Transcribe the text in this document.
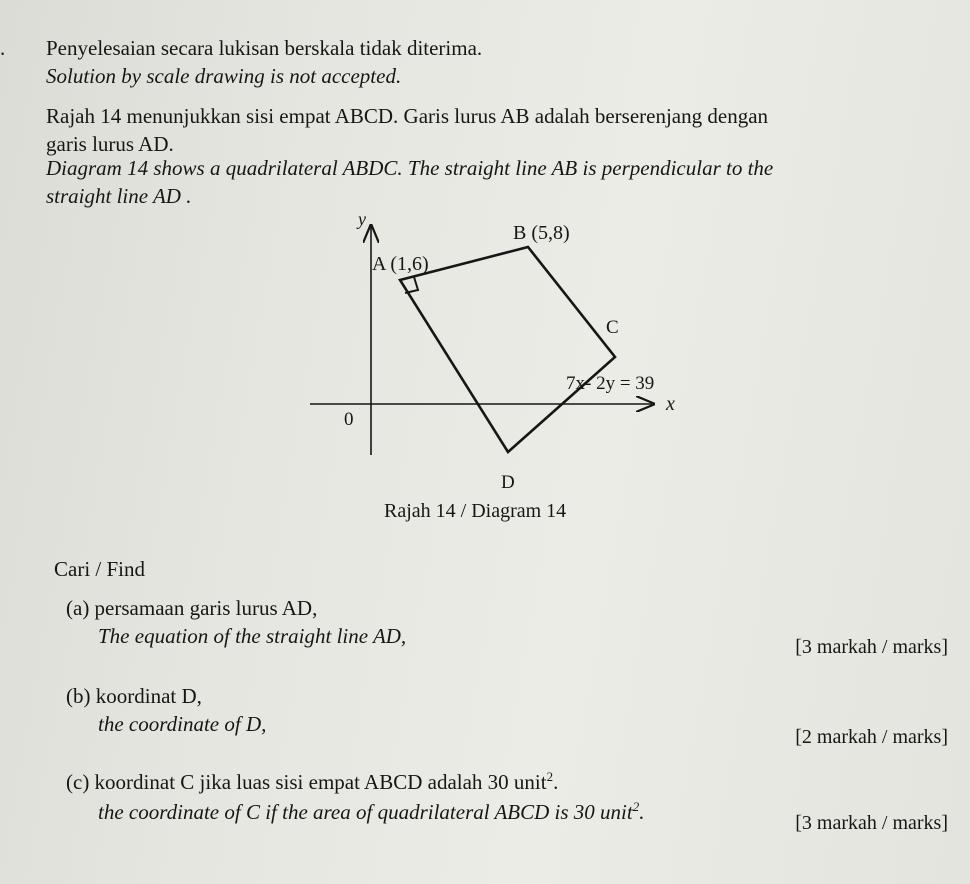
. Penyelesaian secara lukisan berskala tidak diterima.
Solution by scale drawing is not accepted.
Rajah 14 menunjukkan sisi empat ABCD. Garis lurus AB adalah berserenjang dengan
garis lurus AD.
Diagram 14 shows a quadrilateral ABDC. The straight line AB is perpendicular to the
straight line AD .
y
x
0
A (1,6)
B (5,8)
C
D
7x- 2y = 39
Rajah 14 / Diagram 14
Cari / Find
(a) persamaan garis lurus AD,
The equation of the straight line AD,	[3 markah / marks]
(b) koordinat D,
the coordinate of D,
[2 markah / marks]
(c) koordinat C jika luas sisi empat ABCD adalah 30 unit$^2$.
the coordinate of C if the area of quadrilateral ABCD is 30 unit$^2$.	[3 markah / marks]
